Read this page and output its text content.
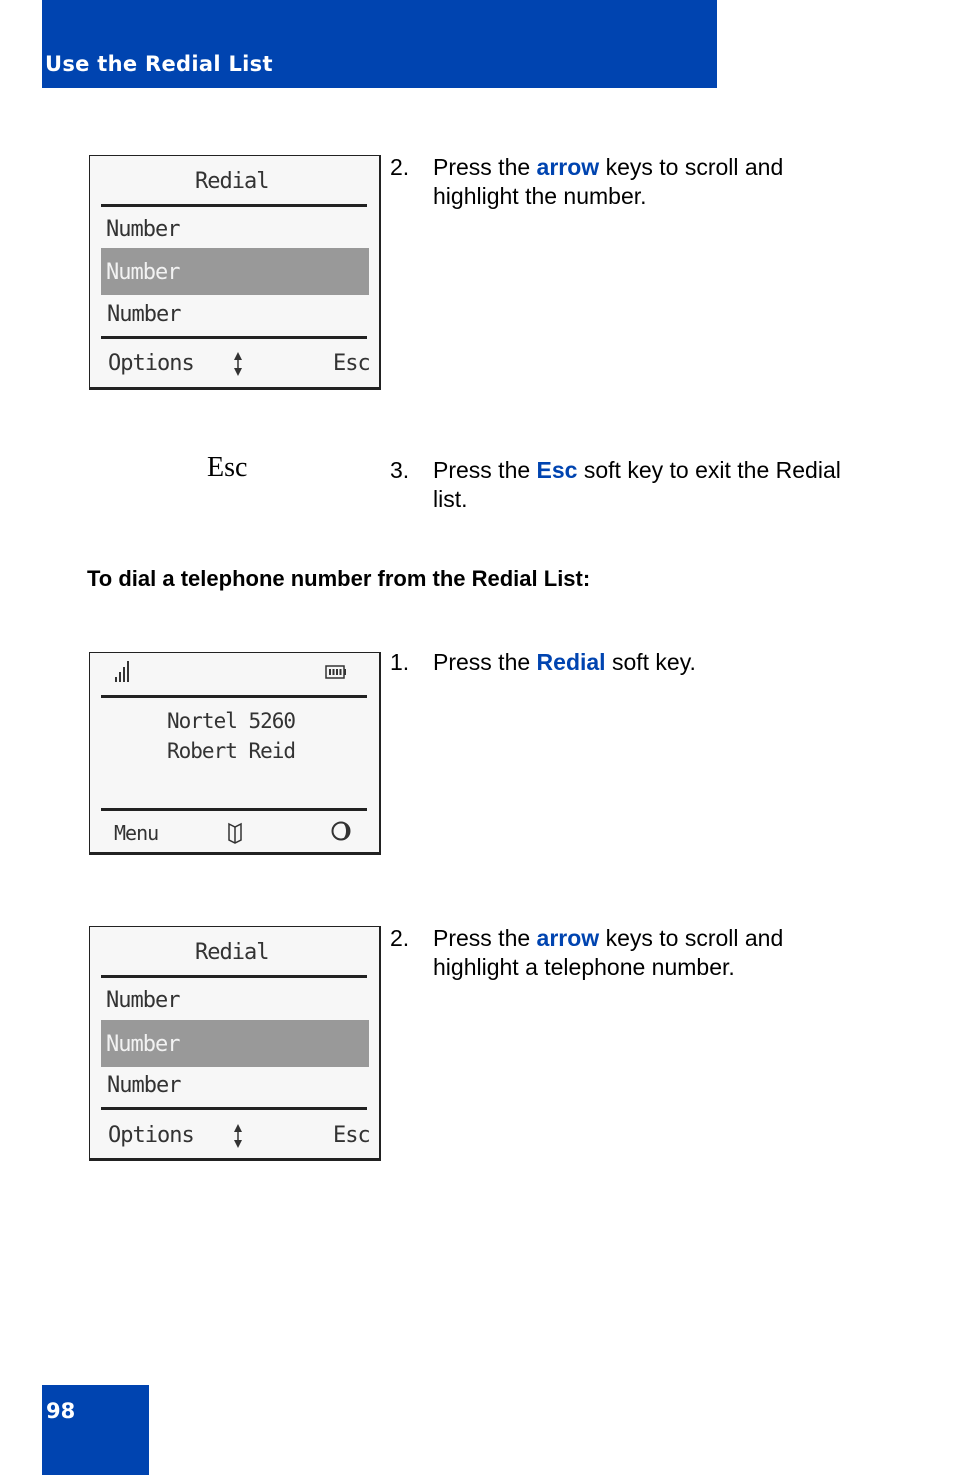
Use the Redial List
Redial
Number
Number
Number
Options	Esc
2. Press the arrow keys to scroll and highlight the number.
Esc	3. Press the Esc soft key to exit the Redial list.
To dial a telephone number from the Redial List:
Nortel 5260
Robert Reid
Menu
1. Press the Redial soft key.
Redial
Number
Number
Number
Options	Esc
2. Press the arrow keys to scroll and highlight a telephone number.
98
